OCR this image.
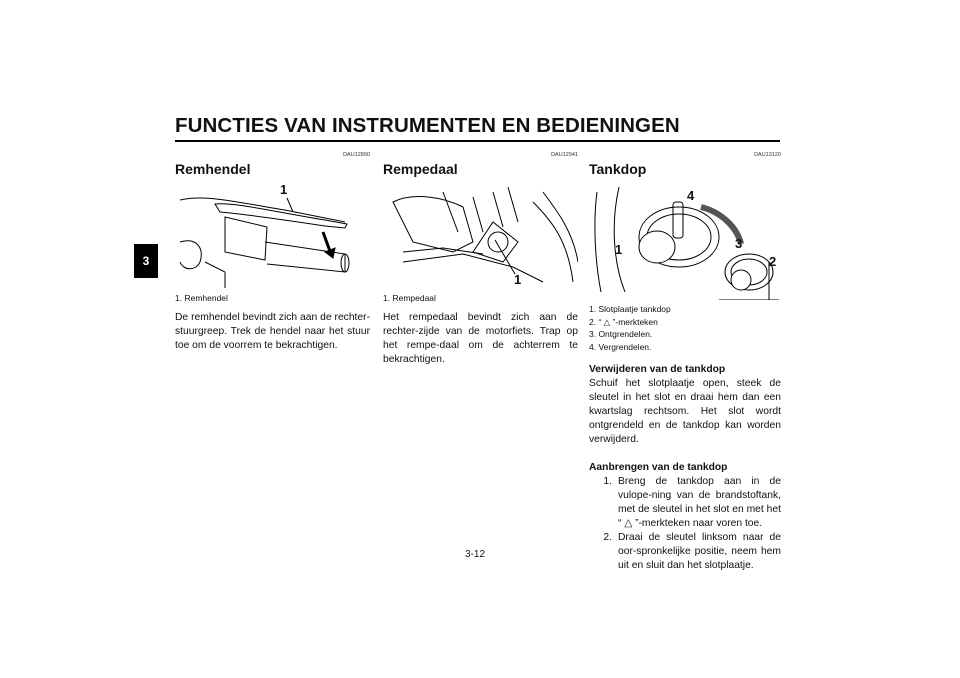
FUNCTIES VAN INSTRUMENTEN EN BEDIENINGEN
3
DAU12890
Remhendel
1
1. Remhendel
De remhendel bevindt zich aan de rechter-stuurgreep. Trek de hendel naar het stuur toe om de voorrem te bekrachtigen.
DAU12941
Rempedaal
1
1. Rempedaal
Het rempedaal bevindt zich aan de rechter-zijde van de motorfiets. Trap op het rempe-daal om de achterrem te bekrachtigen.
DAU13120
Tankdop
4
1	3
2
1. Slotplaatje tankdop
2. “ △ ”-merkteken
3. Ontgrendelen.
4. Vergrendelen.
Verwijderen van de tankdop
Schuif het slotplaatje open, steek de sleutel in het slot en draai hem dan een kwartslag rechtsom. Het slot wordt ontgrendeld en de tankdop kan worden verwijderd.
Aanbrengen van de tankdop
1. Breng de tankdop aan in de vulope-ning van de brandstoftank, met de sleutel in het slot en met het “ △ ”-merkteken naar voren toe.
2. Draai de sleutel linksom naar de oor-spronkelijke positie, neem hem uit en sluit dan het slotplaatje.
3-12
